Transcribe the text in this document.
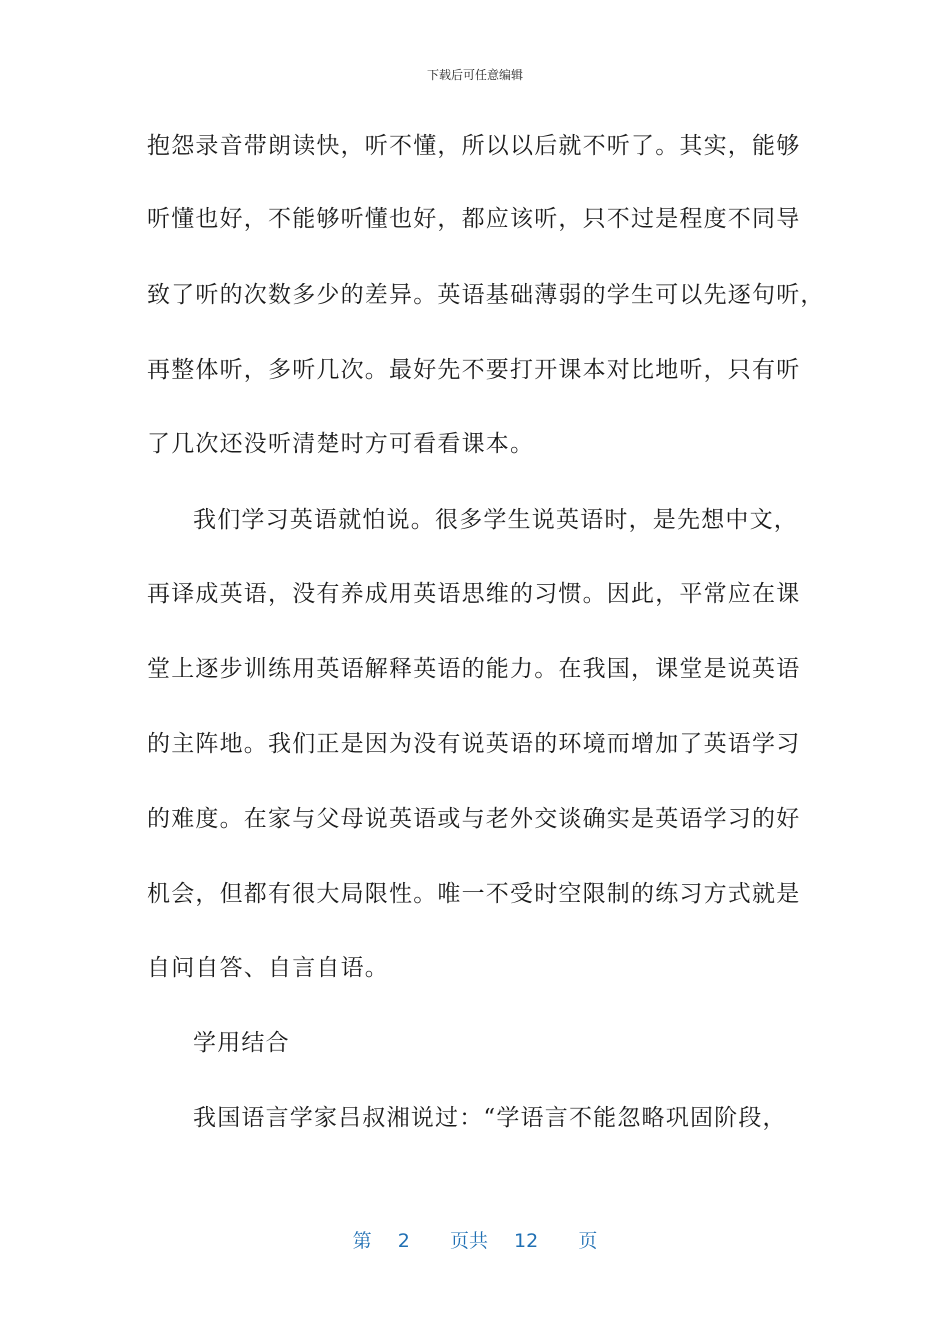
下载后可任意编辑
抱怨录音带朗读快，听不懂，所以以后就不听了。其实，能够
听懂也好，不能够听懂也好，都应该听，只不过是程度不同导
致了听的次数多少的差异。英语基础薄弱的学生可以先逐句听，
再整体听，多听几次。最好先不要打开课本对比地听，只有听
了几次还没听清楚时方可看看课本。
我们学习英语就怕说。很多学生说英语时，是先想中文，
再译成英语，没有养成用英语思维的习惯。因此，平常应在课
堂上逐步训练用英语解释英语的能力。在我国，课堂是说英语
的主阵地。我们正是因为没有说英语的环境而增加了英语学习
的难度。在家与父母说英语或与老外交谈确实是英语学习的好
机会，但都有很大局限性。唯一不受时空限制的练习方式就是
自问自答、自言自语。
学用结合
我国语言学家吕叔湘说过：“学语言不能忽略巩固阶段，
第 2 页共 12 页
